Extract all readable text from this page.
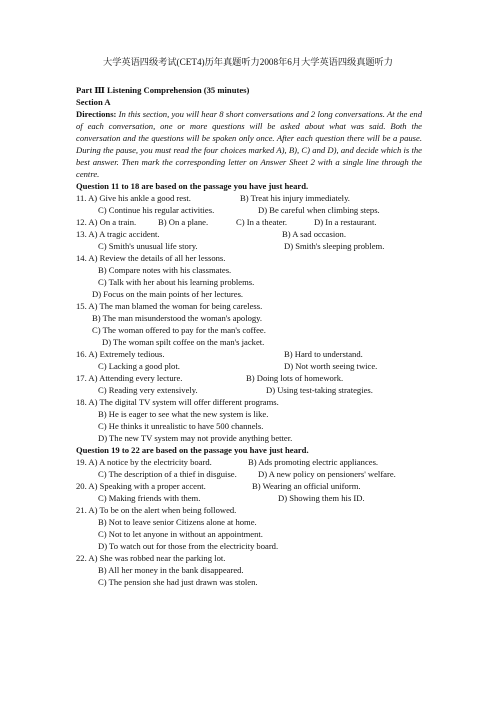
大学英语四级考试(CET4)历年真题听力2008年6月大学英语四级真题听力
Part Ⅲ Listening Comprehension (35 minutes)
Section A
Directions: In this section, you will hear 8 short conversations and 2 long conversations. At the end of each conversation, one or more questions will be asked about what was said. Both the conversation and the questions will be spoken only once. After each question there will be a pause. During the pause, you must read the four choices marked A), B), C) and D), and decide which is the best answer. Then mark the corresponding letter on Answer Sheet 2 with a single line through the centre.
Question 11 to 18 are based on the passage you have just heard.
11. A) Give his ankle a good rest.	B) Treat his injury immediately.
C) Continue his regular activities.	D) Be careful when climbing steps.
12. A) On a train.	B) On a plane.	C) In a theater.	D) In a restaurant.
13. A) A tragic accident.	B) A sad occasion.
C) Smith's unusual life story.	D) Smith's sleeping problem.
14. A) Review the details of all her lessons.
B) Compare notes with his classmates.
C) Talk with her about his learning problems.
D) Focus on the main points of her lectures.
15. A) The man blamed the woman for being careless.
B) The man misunderstood the woman's apology.
C) The woman offered to pay for the man's coffee.
D) The woman spilt coffee on the man's jacket.
16. A) Extremely tedious.	B) Hard to understand.
C) Lacking a good plot.	D) Not worth seeing twice.
17. A) Attending every lecture.	B) Doing lots of homework.
C) Reading very extensively.	D) Using test-taking strategies.
18. A) The digital TV system will offer different programs.
B) He is eager to see what the new system is like.
C) He thinks it unrealistic to have 500 channels.
D) The new TV system may not provide anything better.
Question 19 to 22 are based on the passage you have just heard.
19. A) A notice by the electricity board.	B) Ads promoting electric appliances.
C) The description of a thief in disguise. D) A new policy on pensioners' welfare.
20. A) Speaking with a proper accent.	B) Wearing an official uniform.
C) Making friends with them.	D) Showing them his ID.
21. A) To be on the alert when being followed.
B) Not to leave senior Citizens alone at home.
C) Not to let anyone in without an appointment.
D) To watch out for those from the electricity board.
22. A) She was robbed near the parking lot.
B) All her money in the bank disappeared.
C) The pension she had just drawn was stolen.
